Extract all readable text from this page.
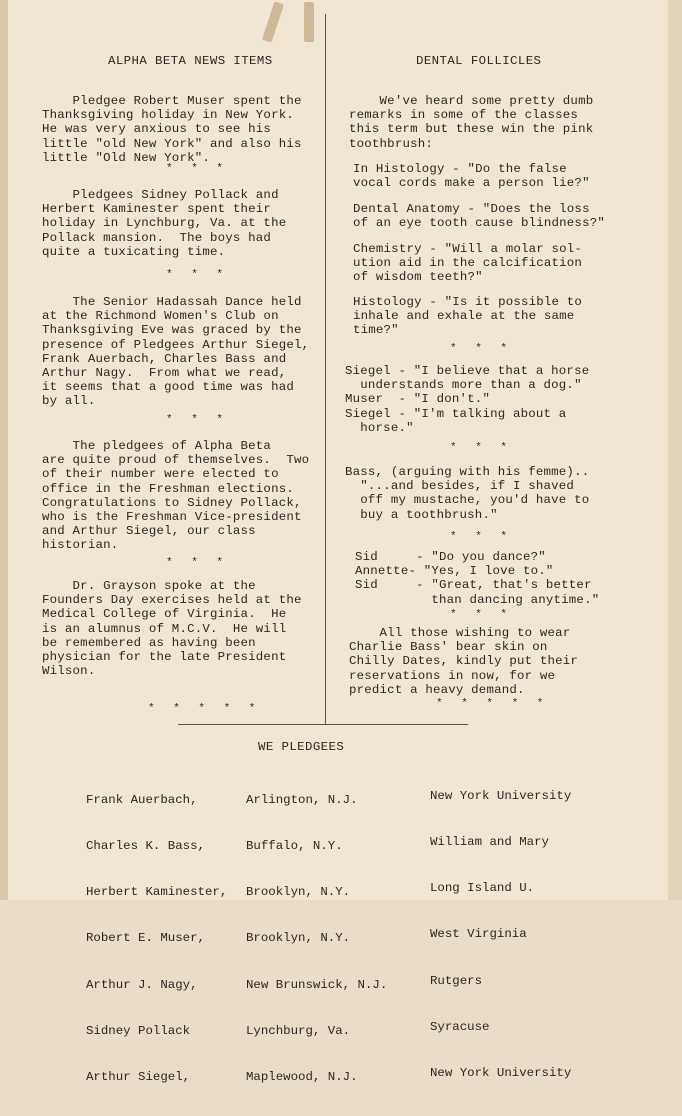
ALPHA BETA NEWS ITEMS
Pledgee Robert Muser spent the
Thanksgiving holiday in New York.
He was very anxious to see his
little "old New York" and also his
little "Old New York".
* * *
Pledgees Sidney Pollack and
Herbert Kaminester spent their
holiday in Lynchburg, Va. at the
Pollack mansion.  The boys had
quite a tuxicating time.
* * *
The Senior Hadassah Dance held
at the Richmond Women's Club on
Thanksgiving Eve was graced by the
presence of Pledgees Arthur Siegel,
Frank Auerbach, Charles Bass and
Arthur Nagy.  From what we read,
it seems that a good time was had
by all.
* * *
The pledgees of Alpha Beta
are quite proud of themselves.  Two
of their number were elected to
office in the Freshman elections.
Congratulations to Sidney Pollack,
who is the Freshman Vice-president
and Arthur Siegel, our class
historian.
* * *
Dr. Grayson spoke at the
Founders Day exercises held at the
Medical College of Virginia.  He
is an alumnus of M.C.V.  He will
be remembered as having been
physician for the late President
Wilson.
* * * * *
DENTAL FOLLICLES
We've heard some pretty dumb
remarks in some of the classes
this term but these win the pink
toothbrush:
In Histology - "Do the false
vocal cords make a person lie?"
Dental Anatomy - "Does the loss
of an eye tooth cause blindness?"
Chemistry - "Will a molar sol-
ution aid in the calcification
of wisdom teeth?"
Histology - "Is it possible to
inhale and exhale at the same
time?"
* * *
Siegel - "I believe that a horse
understands more than a dog."
Muser  - "I don't."
Siegel - "I'm talking about a
horse."
* * *
Bass, (arguing with his femme)..
"...and besides, if I shaved
off my mustache, you'd have to
buy a toothbrush."
* * *
Sid     - "Do you dance?"
Annette- "Yes, I love to."
Sid     - "Great, that's better
than dancing anytime."
* * *
All those wishing to wear
Charlie Bass' bear skin on
Chilly Dates, kindly put their
reservations in now, for we
predict a heavy demand.
* * * * *
WE PLEDGEES

Frank Auerbach,

Charles K. Bass,

Herbert Kaminester,

Robert E. Muser,

Arthur J. Nagy,

Sidney Pollack

Arthur Siegel,

Arlington, N.J.

Buffalo, N.Y.

Brooklyn, N.Y.

Brooklyn, N.Y.

New Brunswick, N.J.

Lynchburg, Va.

Maplewood, N.J.

New York University

William and Mary

Long Island U.

West Virginia

Rutgers

Syracuse

New York University
